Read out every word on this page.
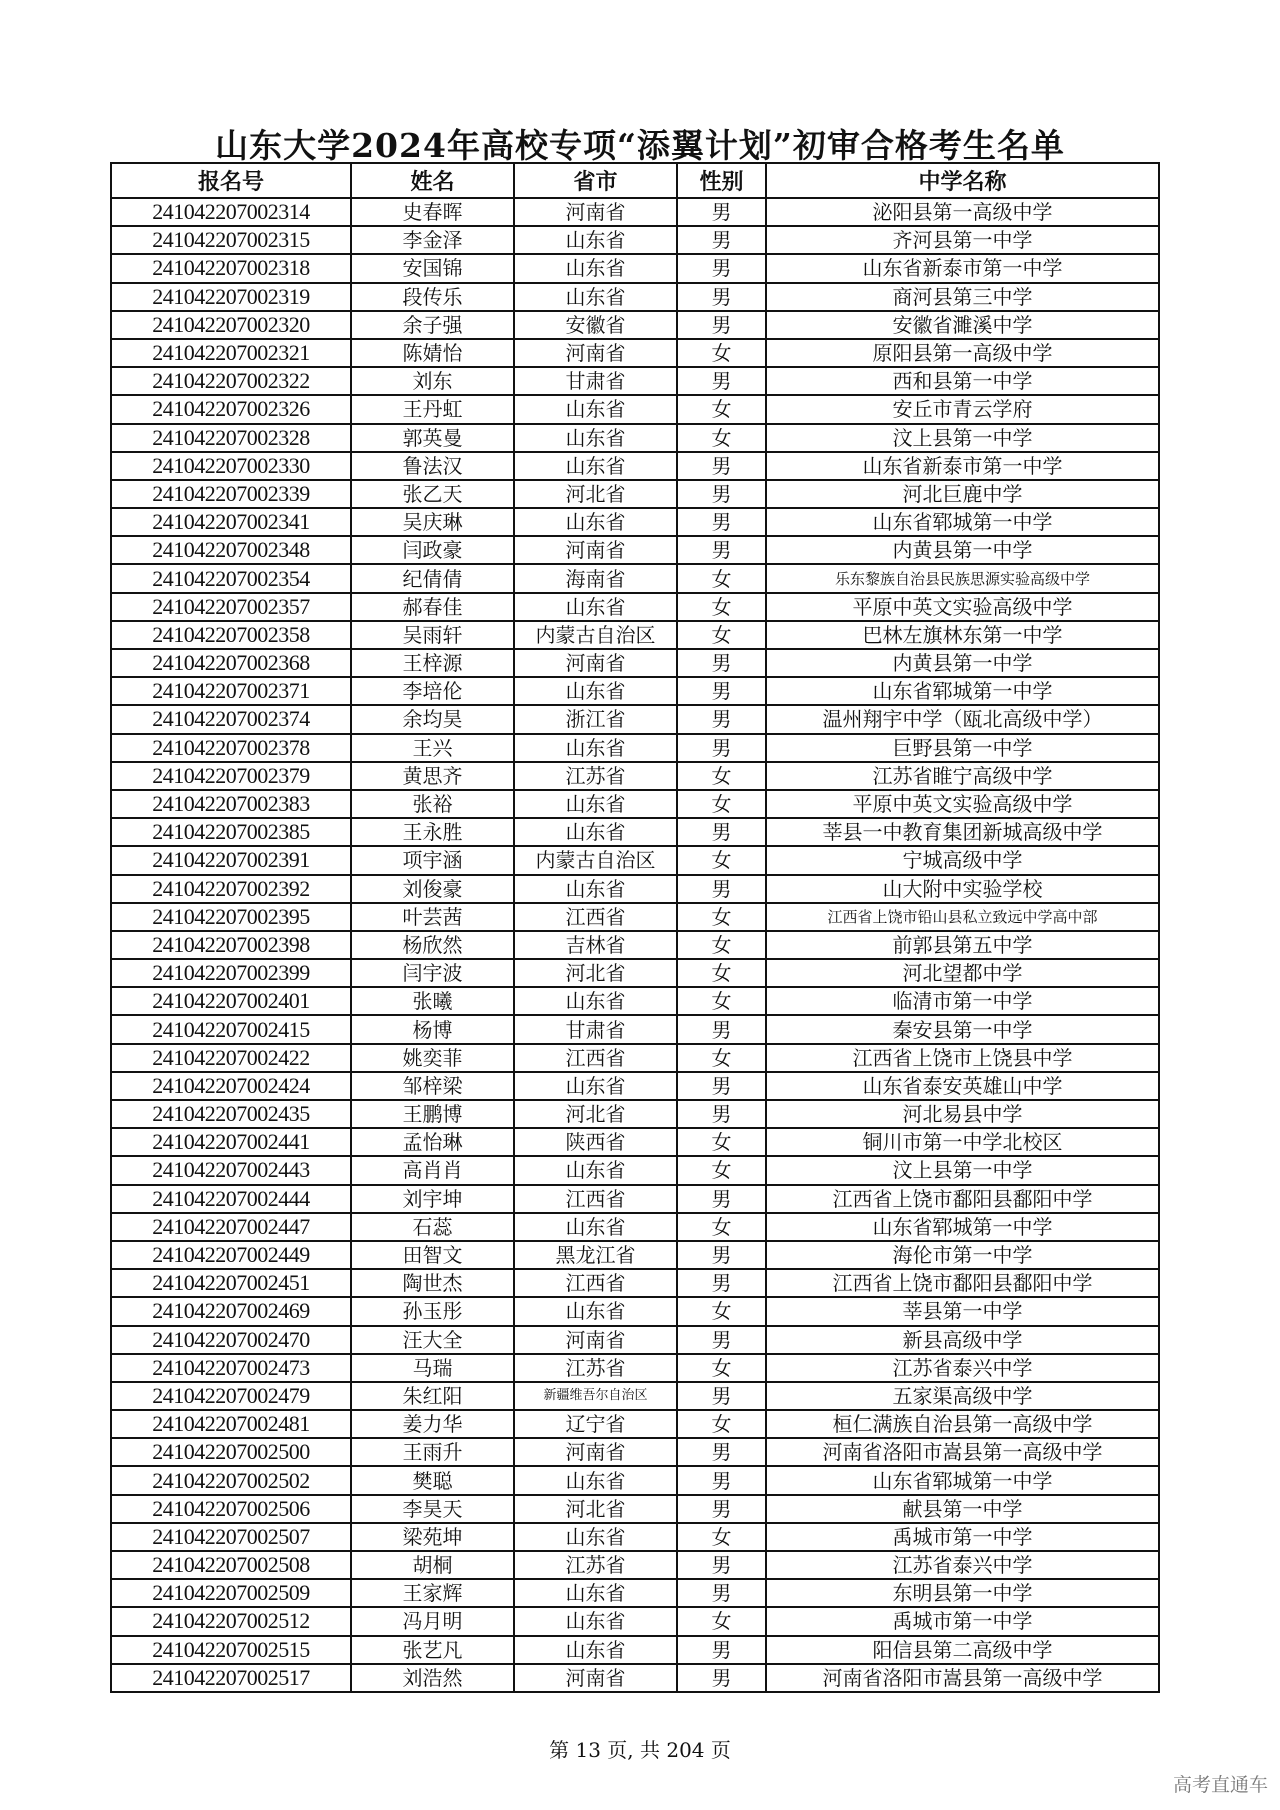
山东大学2024年高校专项“添翼计划”初审合格考生名单
报名号	姓名	省市	性别	中学名称
241042207002314	史春晖	河南省	男	泌阳县第一高级中学
241042207002315	李金泽	山东省	男	齐河县第一中学
241042207002318	安国锦	山东省	男	山东省新泰市第一中学
241042207002319	段传乐	山东省	男	商河县第三中学
241042207002320	余子强	安徽省	男	安徽省濉溪中学
241042207002321	陈婧怡	河南省	女	原阳县第一高级中学
241042207002322	刘东	甘肃省	男	西和县第一中学
241042207002326	王丹虹	山东省	女	安丘市青云学府
241042207002328	郭英曼	山东省	女	汶上县第一中学
241042207002330	鲁法汉	山东省	男	山东省新泰市第一中学
241042207002339	张乙天	河北省	男	河北巨鹿中学
241042207002341	吴庆琳	山东省	男	山东省郓城第一中学
241042207002348	闫政豪	河南省	男	内黄县第一中学
241042207002354	纪倩倩	海南省	女	乐东黎族自治县民族思源实验高级中学
241042207002357	郝春佳	山东省	女	平原中英文实验高级中学
241042207002358	吴雨轩	内蒙古自治区	女	巴林左旗林东第一中学
241042207002368	王梓源	河南省	男	内黄县第一中学
241042207002371	李培伦	山东省	男	山东省郓城第一中学
241042207002374	余均昊	浙江省	男	温州翔宇中学（瓯北高级中学）
241042207002378	王兴	山东省	男	巨野县第一中学
241042207002379	黄思齐	江苏省	女	江苏省睢宁高级中学
241042207002383	张裕	山东省	女	平原中英文实验高级中学
241042207002385	王永胜	山东省	男	莘县一中教育集团新城高级中学
241042207002391	项宇涵	内蒙古自治区	女	宁城高级中学
241042207002392	刘俊豪	山东省	男	山大附中实验学校
241042207002395	叶芸茜	江西省	女	江西省上饶市铅山县私立致远中学高中部
241042207002398	杨欣然	吉林省	女	前郭县第五中学
241042207002399	闫宇波	河北省	女	河北望都中学
241042207002401	张曦	山东省	女	临清市第一中学
241042207002415	杨博	甘肃省	男	秦安县第一中学
241042207002422	姚奕菲	江西省	女	江西省上饶市上饶县中学
241042207002424	邹梓梁	山东省	男	山东省泰安英雄山中学
241042207002435	王鹏博	河北省	男	河北易县中学
241042207002441	孟怡琳	陕西省	女	铜川市第一中学北校区
241042207002443	高肖肖	山东省	女	汶上县第一中学
241042207002444	刘宇坤	江西省	男	江西省上饶市鄱阳县鄱阳中学
241042207002447	石蕊	山东省	女	山东省郓城第一中学
241042207002449	田智文	黑龙江省	男	海伦市第一中学
241042207002451	陶世杰	江西省	男	江西省上饶市鄱阳县鄱阳中学
241042207002469	孙玉彤	山东省	女	莘县第一中学
241042207002470	汪大全	河南省	男	新县高级中学
241042207002473	马瑞	江苏省	女	江苏省泰兴中学
241042207002479	朱红阳	新疆维吾尔自治区	男	五家渠高级中学
241042207002481	姜力华	辽宁省	女	桓仁满族自治县第一高级中学
241042207002500	王雨升	河南省	男	河南省洛阳市嵩县第一高级中学
241042207002502	樊聪	山东省	男	山东省郓城第一中学
241042207002506	李昊天	河北省	男	献县第一中学
241042207002507	梁苑坤	山东省	女	禹城市第一中学
241042207002508	胡桐	江苏省	男	江苏省泰兴中学
241042207002509	王家辉	山东省	男	东明县第一中学
241042207002512	冯月明	山东省	女	禹城市第一中学
241042207002515	张艺凡	山东省	男	阳信县第二高级中学
241042207002517	刘浩然	河南省	男	河南省洛阳市嵩县第一高级中学
第 13 页, 共 204 页
高考直通车
